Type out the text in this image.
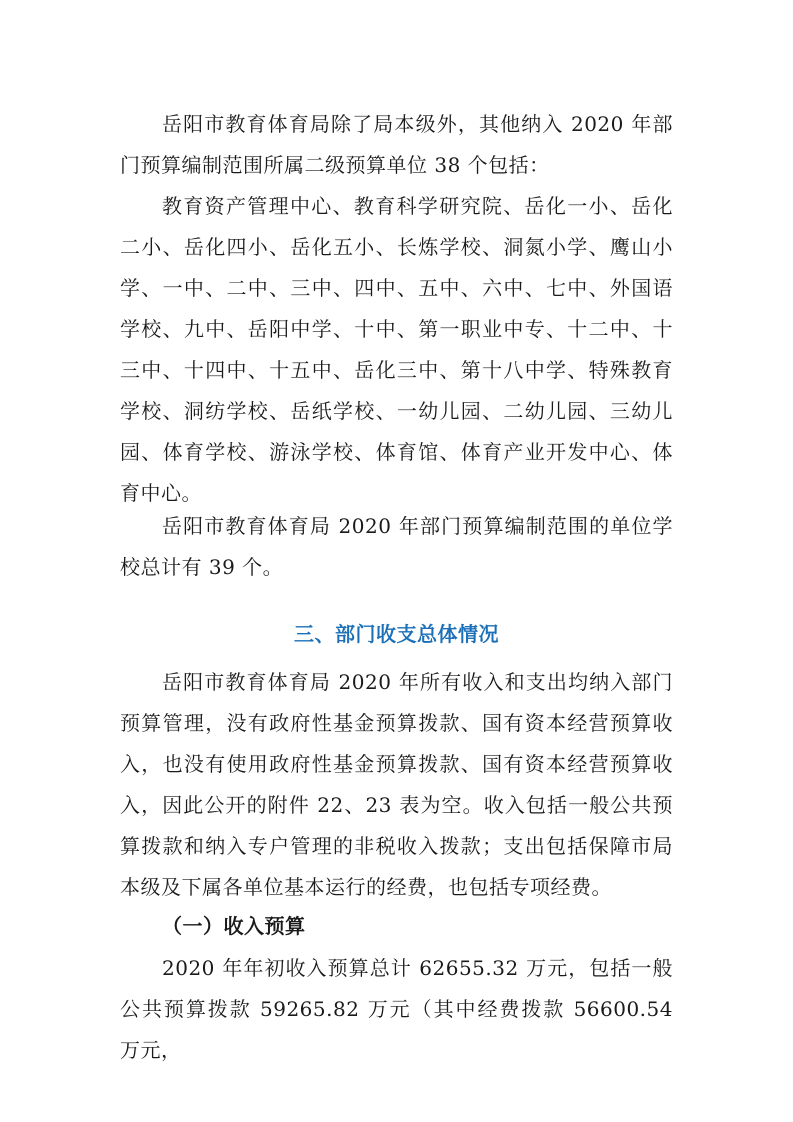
岳阳市教育体育局除了局本级外，其他纳入 2020 年部门预算编制范围所属二级预算单位 38 个包括：

教育资产管理中心、教育科学研究院、岳化一小、岳化二小、岳化四小、岳化五小、长炼学校、洞氮小学、鹰山小学、一中、二中、三中、四中、五中、六中、七中、外国语学校、九中、岳阳中学、十中、第一职业中专、十二中、十三中、十四中、十五中、岳化三中、第十八中学、特殊教育学校、洞纺学校、岳纸学校、一幼儿园、二幼儿园、三幼儿园、体育学校、游泳学校、体育馆、体育产业开发中心、体育中心。

岳阳市教育体育局 2020 年部门预算编制范围的单位学校总计有 39 个。

三、部门收支总体情况

岳阳市教育体育局 2020 年所有收入和支出均纳入部门预算管理，没有政府性基金预算拨款、国有资本经营预算收入，也没有使用政府性基金预算拨款、国有资本经营预算收入，因此公开的附件 22、23 表为空。收入包括一般公共预算拨款和纳入专户管理的非税收入拨款；支出包括保障市局本级及下属各单位基本运行的经费，也包括专项经费。

（一）收入预算

2020 年年初收入预算总计 62655.32 万元，包括一般公共预算拨款 59265.82 万元（其中经费拨款 56600.54 万元，
